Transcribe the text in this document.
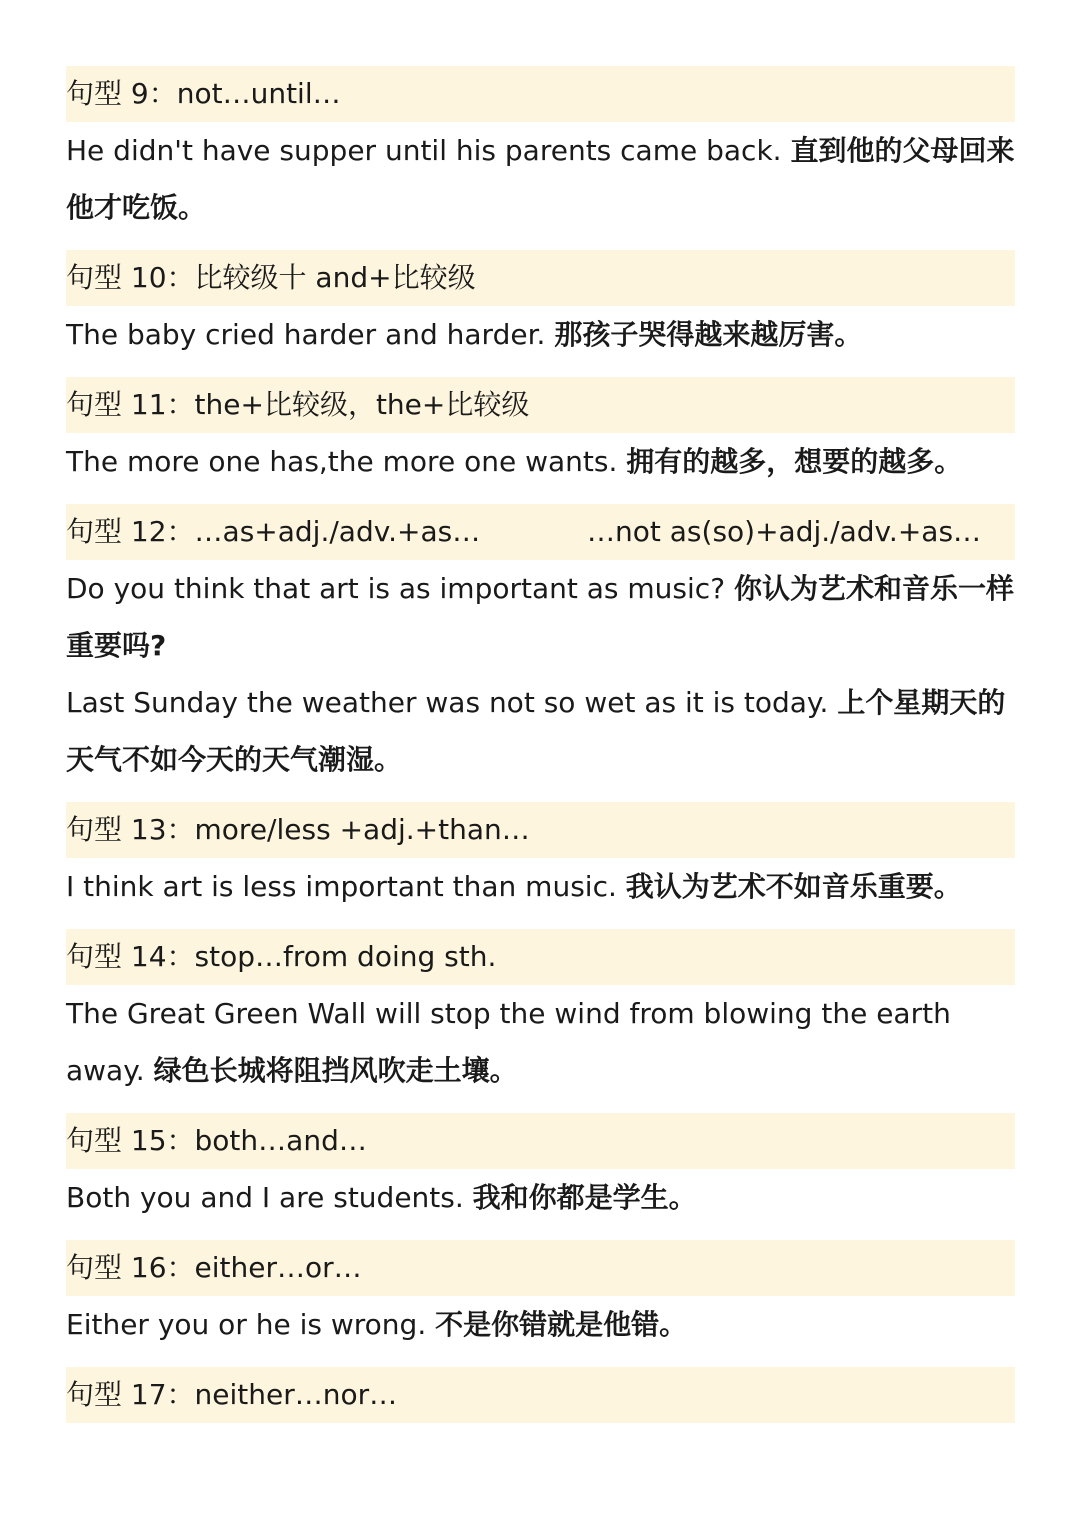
句型 9：not…until…
He didn't have supper until his parents came back. 直到他的父母回来他才吃饭。
句型 10：比较级十 and+比较级
The baby cried harder and harder. 那孩子哭得越来越厉害。
句型 11：the+比较级，the+比较级
The more one has,the more one wants. 拥有的越多，想要的越多。
句型 12：…as+adj./adv.+as…            …not as(so)+adj./adv.+as…
Do you think that art is as important as music? 你认为艺术和音乐一样重要吗?
Last Sunday the weather was not so wet as it is today. 上个星期天的天气不如今天的天气潮湿。
句型 13：more/less +adj.+than…
I think art is less important than music. 我认为艺术不如音乐重要。
句型 14：stop…from doing sth.
The Great Green Wall will stop the wind from blowing the earth away. 绿色长城将阻挡风吹走土壤。
句型 15：both…and…
Both you and I are students. 我和你都是学生。
句型 16：either…or…
Either you or he is wrong. 不是你错就是他错。
句型 17：neither…nor…
